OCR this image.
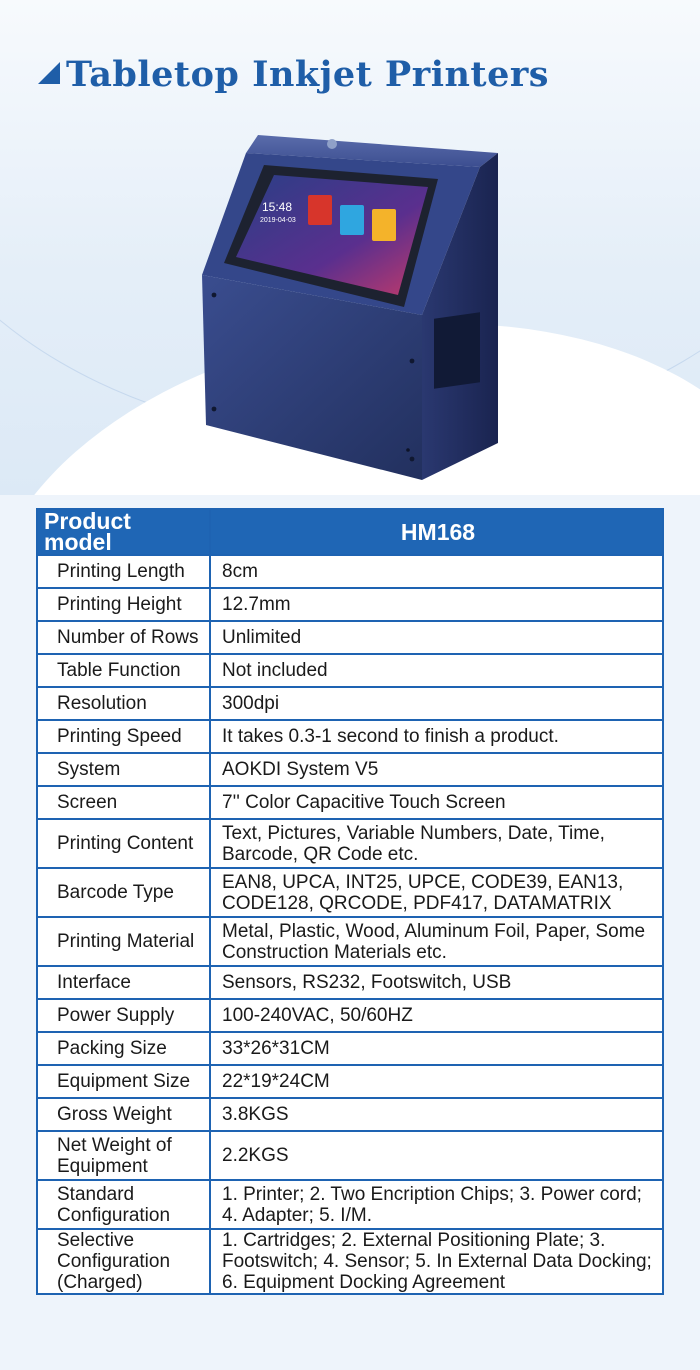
Tabletop Inkjet Printers
15:48
2019-04-03
Product model	HM168
Printing Length	8cm
Printing Height	12.7mm
Number of Rows	Unlimited
Table Function	Not included
Resolution	300dpi
Printing Speed	It takes 0.3-1 second to finish a product.
System	AOKDI System V5
Screen	7'' Color Capacitive Touch Screen
Printing Content	Text, Pictures, Variable Numbers, Date, Time, Barcode, QR Code etc.
Barcode Type	EAN8, UPCA, INT25, UPCE, CODE39, EAN13, CODE128, QRCODE, PDF417, DATAMATRIX
Printing Material	Metal, Plastic, Wood, Aluminum Foil, Paper, Some Construction Materials etc.
Interface	Sensors, RS232, Footswitch, USB
Power Supply	100-240VAC, 50/60HZ
Packing Size	33*26*31CM
Equipment Size	22*19*24CM
Gross Weight	3.8KGS
Net Weight of Equipment	2.2KGS
Standard Configuration	1. Printer; 2. Two Encription Chips; 3. Power cord; 4. Adapter; 5. I/M.
Selective Configuration (Charged)	1. Cartridges; 2. External Positioning Plate; 3. Footswitch; 4. Sensor; 5. In External Data Docking; 6. Equipment Docking Agreement
